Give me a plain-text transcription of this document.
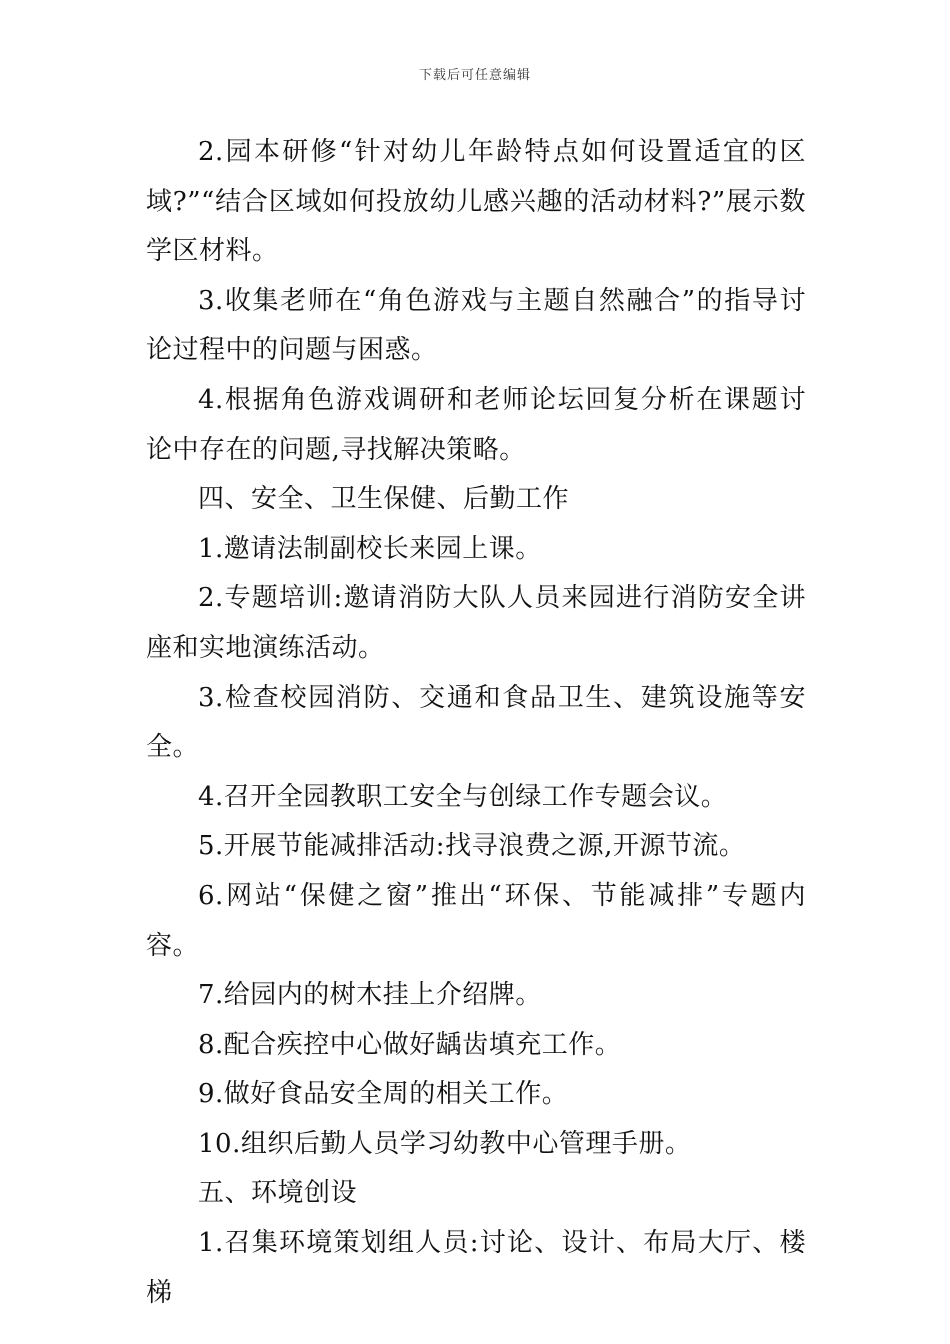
下载后可任意编辑

2.园本研修“针对幼儿年龄特点如何设置适宜的区域?”“结合区域如何投放幼儿感兴趣的活动材料?”展示数学区材料。

3.收集老师在“角色游戏与主题自然融合”的指导讨论过程中的问题与困惑。

4.根据角色游戏调研和老师论坛回复分析在课题讨论中存在的问题,寻找解决策略。

四、安全、卫生保健、后勤工作

1.邀请法制副校长来园上课。

2.专题培训:邀请消防大队人员来园进行消防安全讲座和实地演练活动。

3.检查校园消防、交通和食品卫生、建筑设施等安全。

4.召开全园教职工安全与创绿工作专题会议。

5.开展节能减排活动:找寻浪费之源,开源节流。

6.网站“保健之窗”推出“环保、节能减排”专题内容。

7.给园内的树木挂上介绍牌。

8.配合疾控中心做好龋齿填充工作。

9.做好食品安全周的相关工作。

10.组织后勤人员学习幼教中心管理手册。

五、环境创设

1.召集环境策划组人员:讨论、设计、布局大厅、楼梯
